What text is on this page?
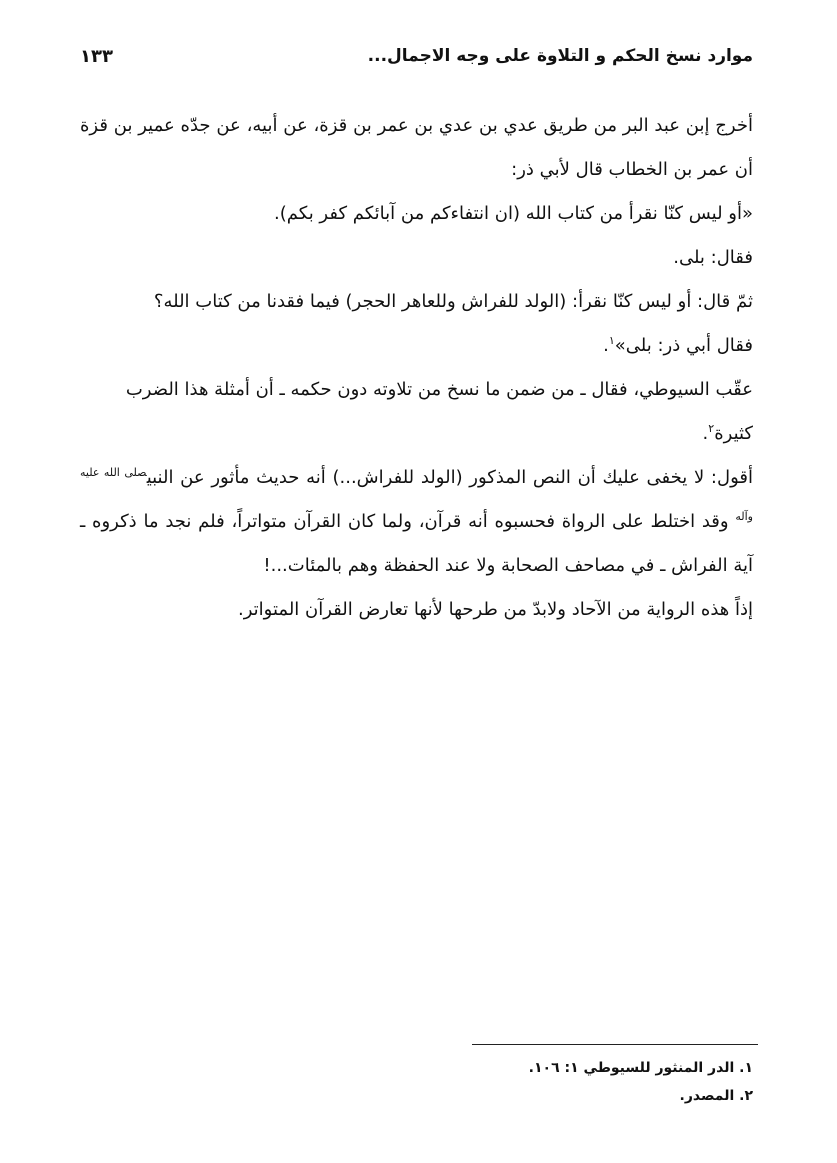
موارد نسخ الحكم و التلاوة على وجه الاجمال...
١٣٣

أخرج إبن عبد البر من طريق عدي بن عدي بن عمر بن قزة، عن أبيه، عن جدّه عمير بن قزة أن عمر بن الخطاب قال لأبي ذر:

«أو ليس كنّا نقرأ من كتاب الله (ان انتفاءكم من آبائكم كفر بكم).

فقال: بلى.

ثمّ قال: أو ليس كنّا نقرأ: (الولد للفراش وللعاهر الحجر) فيما فقدنا من كتاب الله؟

فقال أبي ذر: بلى»$^١$.

عقّب السيوطي، فقال ـ من ضمن ما نسخ من تلاوته دون حكمه ـ أن أمثلة هذا الضرب كثيرة$^٢$.

أقول: لا يخفى عليك أن النص المذكور (الولد للفراش...) أنه حديث مأثور عن النبي$^{صلى الله عليه وآله}$ وقد اختلط على الرواة فحسبوه أنه قرآن، ولما كان القرآن متواتراً، فلم نجد ما ذكروه ـ آية الفراش ـ في مصاحف الصحابة ولا عند الحفظة وهم بالمئات...!

إذاً هذه الرواية من الآحاد ولابدّ من طرحها لأنها تعارض القرآن المتواتر.

١. الدر المنثور للسيوطي ١: ١٠٦.

٢. المصدر.
